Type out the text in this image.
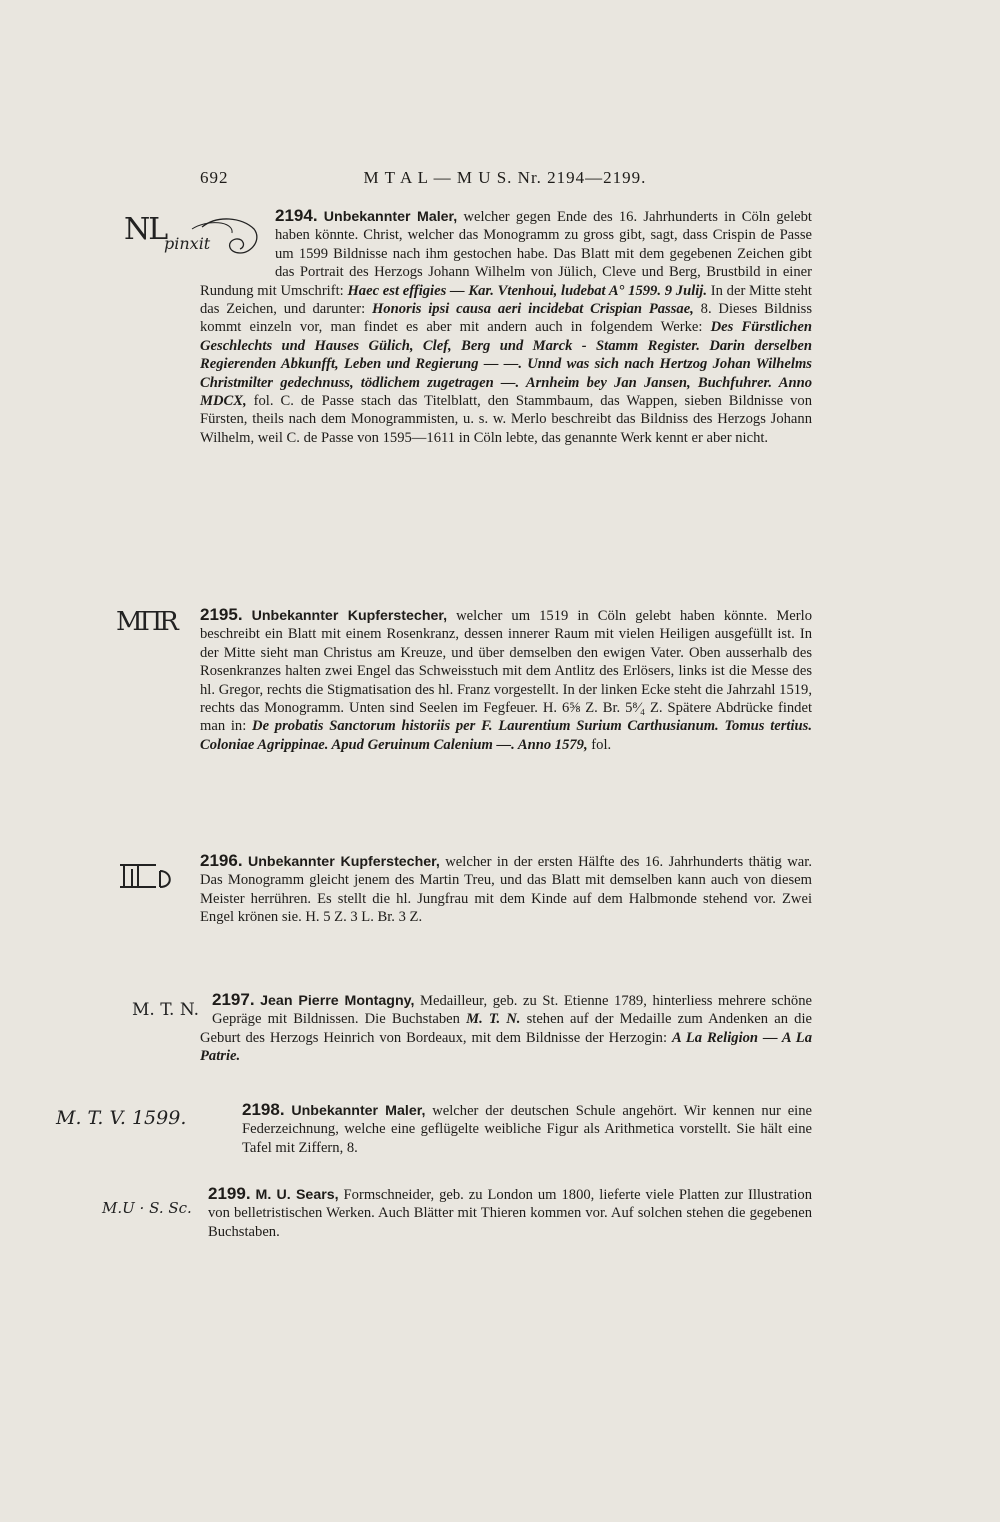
692	M T A L — M U S. Nr. 2194—2199.

2194. Unbekannter Maler,
NL
pinxit
welcher gegen Ende des 16. Jahrhunderts in Cöln gelebt haben könnte. Christ, welcher das Monogramm zu gross gibt, sagt, dass Crispin de Passe um 1599 Bildnisse nach ihm gestochen habe. Das Blatt mit dem gegebenen Zeichen gibt das Portrait des Herzogs Johann Wilhelm von Jülich, Cleve und Berg, Brustbild in einer Rundung mit Umschrift: Haec est effigies — Kar. Vtenhoui, ludebat A° 1599. 9 Julij. In der Mitte steht das Zeichen, und darunter: Honoris ipsi causa aeri incidebat Crispian Passae, 8. Dieses Bildniss kommt einzeln vor, man findet es aber mit andern auch in folgendem Werke: Des Fürstlichen Geschlechts und Hauses Gülich, Clef, Berg und Marck - Stamm Register. Darin derselben Regierenden Abkunfft, Leben und Regierung — —. Unnd was sich nach Hertzog Johan Wilhelms Christmilter gedechnuss, tödlichem zugetragen —. Arnheim bey Jan Jansen, Buchfuhrer. Anno MDCX, fol. C. de Passe stach das Titelblatt, den Stammbaum, das Wappen, sieben Bildnisse von Fürsten, theils nach dem Monogrammisten, u. s. w. Merlo beschreibt das Bildniss des Herzogs Johann Wilhelm, weil C. de Passe von 1595—1611 in Cöln lebte, das genannte Werk kennt er aber nicht.

2195. Unbekannter Kupferstecher,
ΜΠR	welcher um 1519 in Cöln gelebt haben könnte. Merlo beschreibt ein Blatt mit einem Rosenkranz, dessen innerer Raum mit vielen Heiligen ausgefüllt ist. In der Mitte sieht man Christus am Kreuze, und über demselben den ewigen Vater. Oben ausserhalb des Rosenkranzes halten zwei Engel das Schweisstuch mit dem Antlitz des Erlösers, links ist die Messe des hl. Gregor, rechts die Stigmatisation des hl. Franz vorgestellt. In der linken Ecke steht die Jahrzahl 1519, rechts das Monogramm. Unten sind Seelen im Fegfeuer. H. 6⅝ Z. Br. 5⁸⁄₄ Z. Spätere Abdrücke findet man in: De probatis Sanctorum historiis per F. Laurentium Surium Carthusianum. Tomus tertius. Coloniae Agrippinae. Apud Geruinum Calenium —. Anno 1579, fol.

2196. Unbekannter Kupferstecher,
welcher in der ersten Hälfte des 16. Jahrhunderts thätig war. Das Monogramm gleicht jenem des Martin Treu, und das Blatt mit demselben kann auch von diesem Meister herrühren. Es stellt die hl. Jungfrau mit dem Kinde auf dem Halbmonde stehend vor. Zwei Engel krönen sie. H. 5 Z. 3 L. Br. 3 Z.

2197. Jean Pierre Montagny,
M. T. N.	Medailleur, geb. zu St. Etienne 1789, hinterliess mehrere schöne Gepräge mit Bildnissen. Die Buchstaben M. T. N. stehen auf der Medaille zum Andenken an die Geburt des Herzogs Heinrich von Bordeaux, mit dem Bildnisse der Herzogin: A La Religion — A La Patrie.

2198. Unbekannter Maler,
M. T. V. 1599.	welcher der deutschen Schule angehört. Wir kennen nur eine Federzeichnung, welche eine geflügelte weibliche Figur als Arithmetica vorstellt. Sie hält eine Tafel mit Ziffern, 8.

2199. M. U. Sears,
M.U · S. Sc.
Formschneider, geb. zu London um 1800, lieferte viele Platten zur Illustration von belletristischen Werken. Auch Blätter mit Thieren kommen vor. Auf solchen stehen die gegebenen Buchstaben.
